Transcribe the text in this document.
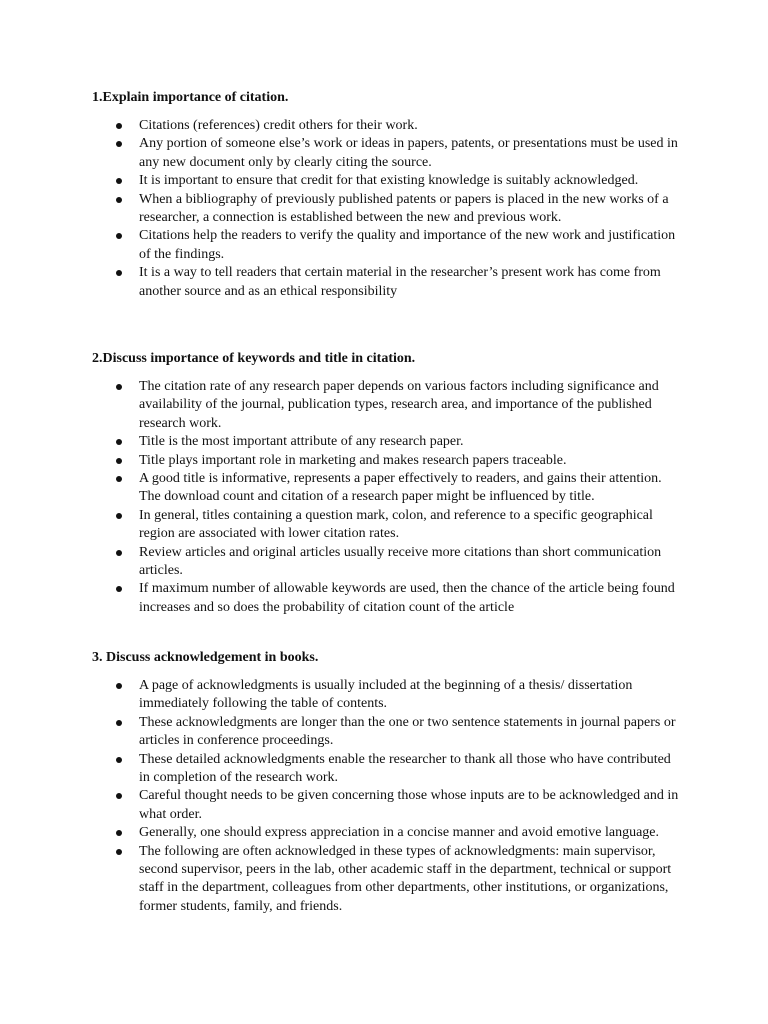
1.Explain importance of citation.
Citations (references) credit others for their work.
Any portion of someone else’s work or ideas in papers, patents, or presentations must be used in any new document only by clearly citing the source.
It is important to ensure that credit for that existing knowledge is suitably acknowledged.
When a bibliography of previously published patents or papers is placed in the new works of a researcher, a connection is established between the new and previous work.
Citations help the readers to verify the quality and importance of the new work and justification of the findings.
It is a way to tell readers that certain material in the researcher’s present work has come from another source and as an ethical responsibility
2.Discuss importance of keywords and title in citation.
The citation rate of any research paper depends on various factors including significance and availability of the journal, publication types, research area, and importance of the published research work.
Title is the most important attribute of any research paper.
Title plays important role in marketing and makes research papers traceable.
A good title is informative, represents a paper effectively to readers, and gains their attention. The download count and citation of a research paper might be influenced by title.
In general, titles containing a question mark, colon, and reference to a specific geographical region are associated with lower citation rates.
Review articles and original articles usually receive more citations than short communication articles.
If maximum number of allowable keywords are used, then the chance of the article being found increases and so does the probability of citation count of the article
3. Discuss acknowledgement in books.
A page of acknowledgments is usually included at the beginning of a thesis/ dissertation immediately following the table of contents.
These acknowledgments are longer than the one or two sentence statements in journal papers or articles in conference proceedings.
These detailed acknowledgments enable the researcher to thank all those who have contributed in completion of the research work.
Careful thought needs to be given concerning those whose inputs are to be acknowledged and in what order.
Generally, one should express appreciation in a concise manner and avoid emotive language.
The following are often acknowledged in these types of acknowledgments: main supervisor, second supervisor, peers in the lab, other academic staff in the department, technical or support staff in the department, colleagues from other departments, other institutions, or organizations, former students, family, and friends.
